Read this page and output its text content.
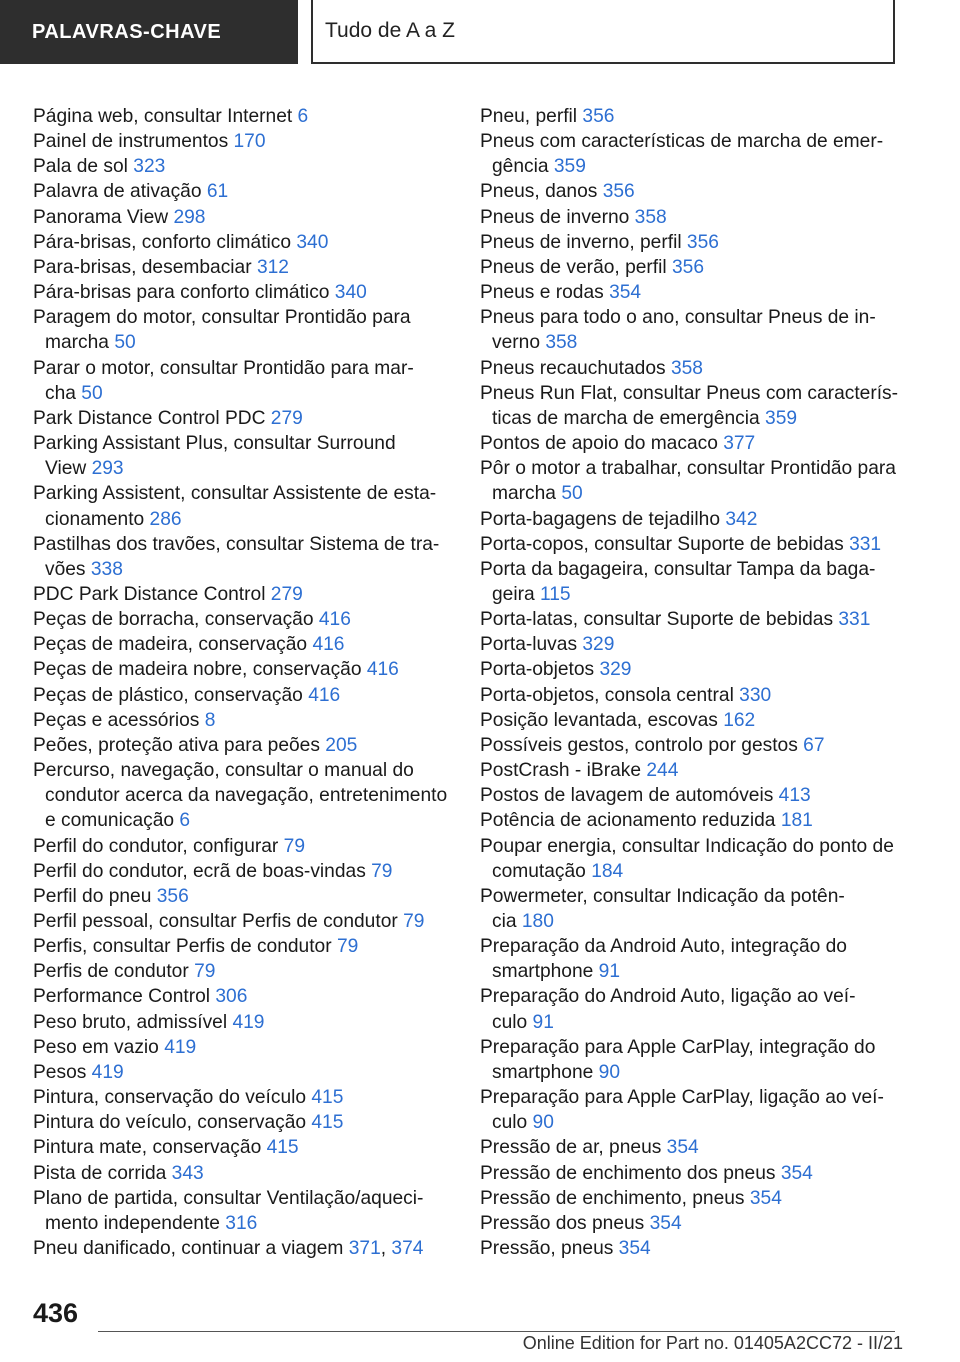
PALAVRAS-CHAVE	Tudo de A a Z
Página web, consultar Internet 6
Painel de instrumentos 170
Pala de sol 323
Palavra de ativação 61
Panorama View 298
Pára-brisas, conforto climático 340
Para-brisas, desembaciar 312
Pára-brisas para conforto climático 340
Paragem do motor, consultar Prontidão para
marcha 50
Parar o motor, consultar Prontidão para mar-
cha 50
Park Distance Control PDC 279
Parking Assistant Plus, consultar Surround
View 293
Parking Assistent, consultar Assistente de esta-
cionamento 286
Pastilhas dos travões, consultar Sistema de tra-
vões 338
PDC Park Distance Control 279
Peças de borracha, conservação 416
Peças de madeira, conservação 416
Peças de madeira nobre, conservação 416
Peças de plástico, conservação 416
Peças e acessórios 8
Peões, proteção ativa para peões 205
Percurso, navegação, consultar o manual do
condutor acerca da navegação, entretenimento
e comunicação 6
Perfil do condutor, configurar 79
Perfil do condutor, ecrã de boas-vindas 79
Perfil do pneu 356
Perfil pessoal, consultar Perfis de condutor 79
Perfis, consultar Perfis de condutor 79
Perfis de condutor 79
Performance Control 306
Peso bruto, admissível 419
Peso em vazio 419
Pesos 419
Pintura, conservação do veículo 415
Pintura do veículo, conservação 415
Pintura mate, conservação 415
Pista de corrida 343
Plano de partida, consultar Ventilação/aqueci-
mento independente 316
Pneu danificado, continuar a viagem 371, 374
Pneu, perfil 356
Pneus com características de marcha de emer-
gência 359
Pneus, danos 356
Pneus de inverno 358
Pneus de inverno, perfil 356
Pneus de verão, perfil 356
Pneus e rodas 354
Pneus para todo o ano, consultar Pneus de in-
verno 358
Pneus recauchutados 358
Pneus Run Flat, consultar Pneus com caracterís-
ticas de marcha de emergência 359
Pontos de apoio do macaco 377
Pôr o motor a trabalhar, consultar Prontidão para
marcha 50
Porta-bagagens de tejadilho 342
Porta-copos, consultar Suporte de bebidas 331
Porta da bagageira, consultar Tampa da baga-
geira 115
Porta-latas, consultar Suporte de bebidas 331
Porta-luvas 329
Porta-objetos 329
Porta-objetos, consola central 330
Posição levantada, escovas 162
Possíveis gestos, controlo por gestos 67
PostCrash - iBrake 244
Postos de lavagem de automóveis 413
Potência de acionamento reduzida 181
Poupar energia, consultar Indicação do ponto de
comutação 184
Powermeter, consultar Indicação da potên-
cia 180
Preparação da Android Auto, integração do
smartphone 91
Preparação do Android Auto, ligação ao veí-
culo 91
Preparação para Apple CarPlay, integração do
smartphone 90
Preparação para Apple CarPlay, ligação ao veí-
culo 90
Pressão de ar, pneus 354
Pressão de enchimento dos pneus 354
Pressão de enchimento, pneus 354
Pressão dos pneus 354
Pressão, pneus 354
436
Online Edition for Part no. 01405A2CC72 - II/21
